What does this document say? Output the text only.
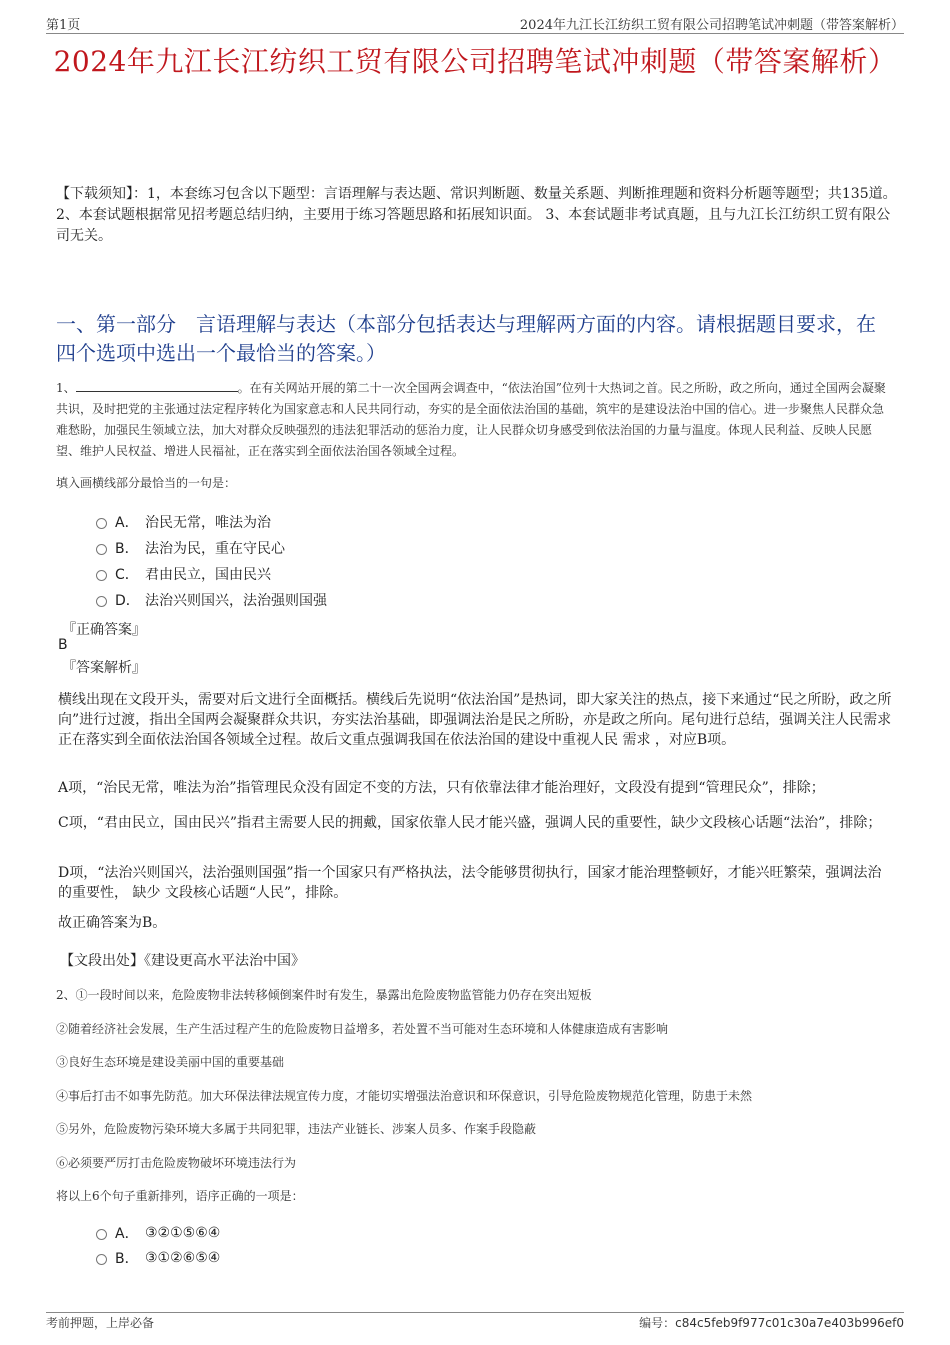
第1页	2024年九江长江纺织工贸有限公司招聘笔试冲刺题（带答案解析）
2024年九江长江纺织工贸有限公司招聘笔试冲刺题（带答案解析）
【下载须知】：1，本套练习包含以下题型：言语理解与表达题、常识判断题、数量关系题、判断推理题和资料分析题等题型；共135道。 2、本套试题根据常见招考题总结归纳，主要用于练习答题思路和拓展知识面。 3、本套试题非考试真题，且与九江长江纺织工贸有限公司无关。
一、第一部分　言语理解与表达（本部分包括表达与理解两方面的内容。请根据题目要求，在四个选项中选出一个最恰当的答案。）
1、	。在有关网站开展的第二十一次全国两会调查中，“依法治国”位列十大热词之首。民之所盼，政之所向，通过全国两会凝聚共识，及时把党的主张通过法定程序转化为国家意志和人民共同行动，夯实的是全面依法治国的基础，筑牢的是建设法治中国的信心。进一步聚焦人民群众急难愁盼，加强民生领域立法，加大对群众反映强烈的违法犯罪活动的惩治力度，让人民群众切身感受到依法治国的力量与温度。体现人民利益、反映人民愿望、维护人民权益、增进人民福祉，正在落实到全面依法治国各领域全过程。
填入画横线部分最恰当的一句是：
A． 治民无常，唯法为治
B． 法治为民，重在守民心
C． 君由民立，国由民兴
D． 法治兴则国兴，法治强则国强
『正确答案』
B
『答案解析』
横线出现在文段开头，需要对后文进行全面概括。横线后先说明“依法治国”是热词，即大家关注的热点，接下来通过“民之所盼，政之所向”进行过渡，指出全国两会凝聚群众共识，夯实法治基础，即强调法治是民之所盼，亦是政之所向。尾句进行总结，强调关注人民需求正在落实到全面依法治国各领域全过程。故后文重点强调我国在依法治国的建设中重视人民 需求 ，对应B项。
A项，“治民无常，唯法为治”指管理民众没有固定不变的方法，只有依靠法律才能治理好，文段没有提到“管理民众”，排除；
C项，“君由民立，国由民兴”指君主需要人民的拥戴，国家依靠人民才能兴盛，强调人民的重要性，缺少文段核心话题“法治”，排除；
D项，“法治兴则国兴，法治强则国强”指一个国家只有严格执法，法令能够贯彻执行，国家才能治理整顿好，才能兴旺繁荣，强调法治的重要性， 缺少 文段核心话题“人民”，排除。
故正确答案为B。
【文段出处】《建设更高水平法治中国》
2、①一段时间以来，危险废物非法转移倾倒案件时有发生，暴露出危险废物监管能力仍存在突出短板
②随着经济社会发展，生产生活过程产生的危险废物日益增多，若处置不当可能对生态环境和人体健康造成有害影响
③良好生态环境是建设美丽中国的重要基础
④事后打击不如事先防范。加大环保法律法规宣传力度，才能切实增强法治意识和环保意识，引导危险废物规范化管理，防患于未然
⑤另外，危险废物污染环境大多属于共同犯罪，违法产业链长、涉案人员多、作案手段隐蔽
⑥必须要严厉打击危险废物破坏环境违法行为
将以上6个句子重新排列，语序正确的一项是：
A． ③②①⑤⑥④
B． ③①②⑥⑤④
考前押题，上岸必备	编号：c84c5feb9f977c01c30a7e403b996ef0
